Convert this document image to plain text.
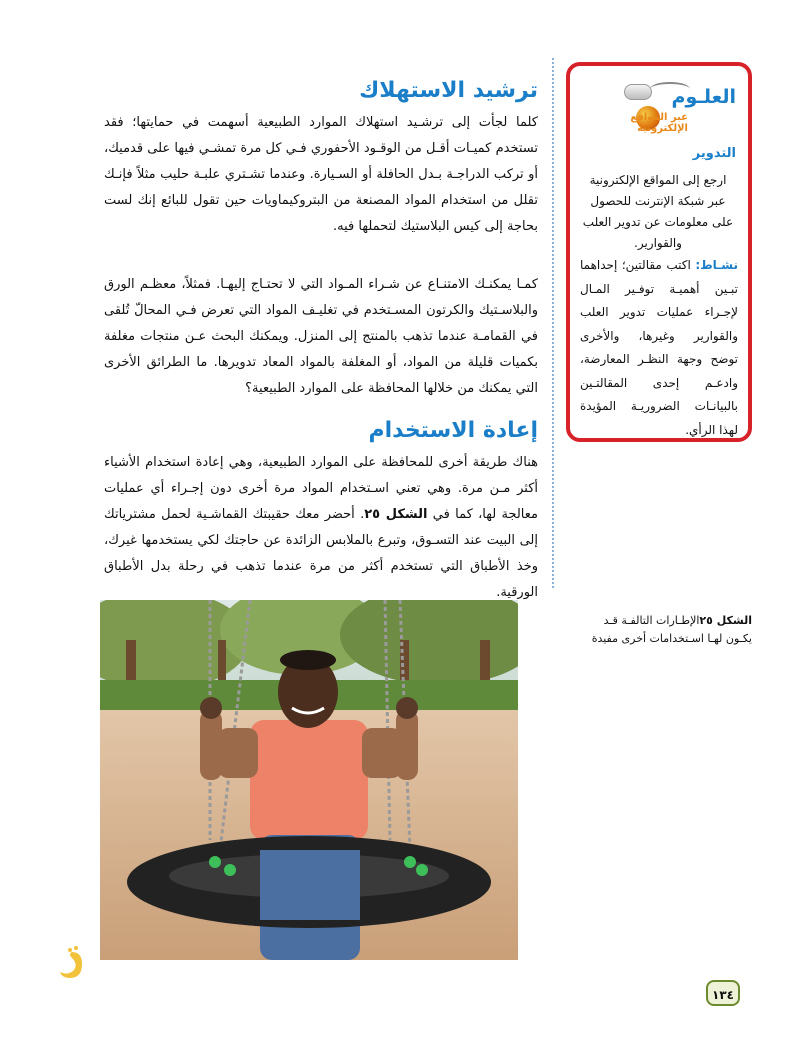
العلـوم
عبر المواقع الإلكترونية
التدوير
ارجع إلى المواقع الإلكترونية عبر شبكة الإنترنت للحصول على معلومات عن تدوير العلب والقوارير.
نشـاط: اكتب مقالتين؛ إحداهما تبـين أهميـة توفـير المـال لإجـراء عمليات تدوير العلب والقوارير وغيرها، والأخرى توضح وجهة النظـر المعارضة، وادعـم إحدى المقالتـين بالبيانـات الضروريـة المؤيدة لهذا الرأي.
ترشيد الاستهلاك
كلما لجأت إلى ترشـيد استهلاك الموارد الطبيعية أسهمت في حمايتها؛ فقد تستخدم كميـات أقـل من الوقـود الأحفوري فـي كل مرة تمشـي فيها على قدميك، أو تركب الدراجـة بـدل الحافلة أو السـيارة. وعندما تشـتري علبـة حليب مثلاً فإنـك تقلل من استخدام المواد المصنعة من البتروكيماويات حين تقول للبائع إنك لست بحاجة إلى كيس البلاستيك لتحملها فيه.
كمـا يمكنـك الامتنـاع عن شـراء المـواد التي لا تحتـاج إليهـا. فمثلاً، معظـم الورق والبلاسـتيك والكرتون المسـتخدم في تغليـف المواد التي تعرض فـي المحالّ تُلقى في القمامـة عندما تذهب بالمنتج إلى المنزل. ويمكنك البحث عـن منتجات مغلفة بكميات قليلة من المواد، أو المغلفة بالمواد المعاد تدويرها. ما الطرائق الأخرى التي يمكنك من خلالها المحافظة على الموارد الطبيعية؟
إعادة الاستخدام
هناك طريقة أخرى للمحافظة على الموارد الطبيعية، وهي إعادة استخدام الأشياء أكثر مـن مرة. وهي تعني اسـتخدام المواد مرة أخرى دون إجـراء أي عمليات معالجة لها، كما في الشكل ٢٥. أحضر معك حقيبتك القماشـية لحمل مشترياتك إلى البيت عند التسـوق، وتبرع بالملابس الزائدة عن حاجتك لكي يستخدمها غيرك، وخذ الأطباق التي تستخدم أكثر من مرة عندما تذهب في رحلة بدل الأطباق الورقية.
الشكل ٢٥الإطـارات التالفـة قـد يكـون لهـا اسـتخدامات أخرى مفيدة
١٣٤
